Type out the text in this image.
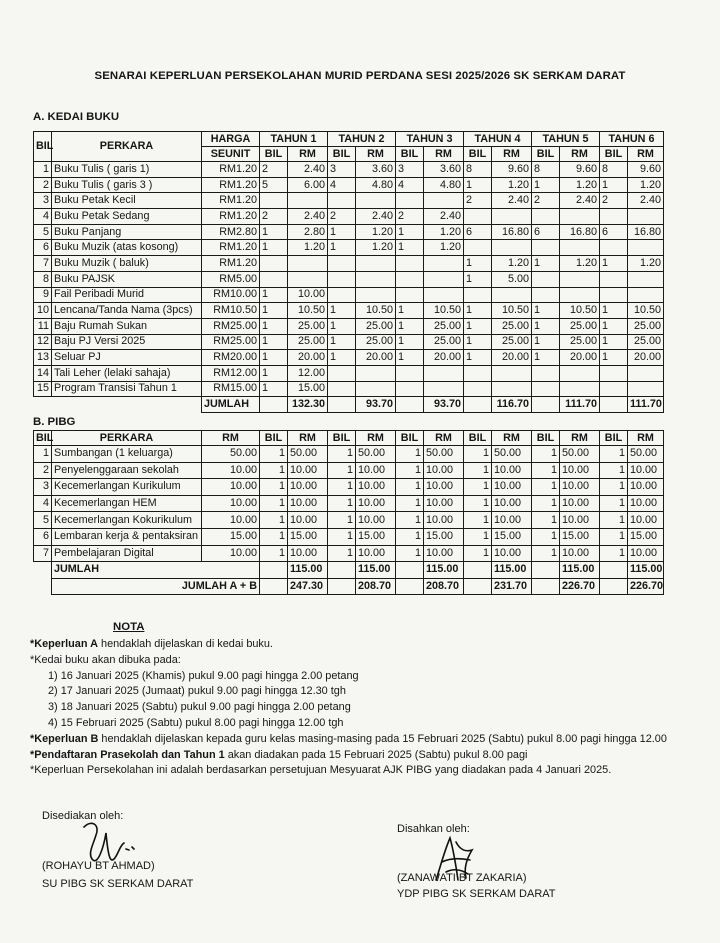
SENARAI KEPERLUAN PERSEKOLAHAN MURID PERDANA SESI 2025/2026 SK SERKAM DARAT
A. KEDAI BUKU
BIL	PERKARA	HARGA	TAHUN 1		TAHUN 2		TAHUN 3		TAHUN 4		TAHUN 5		TAHUN 6	
		SEUNIT	BIL	RM	BIL	RM	BIL	RM	BIL	RM	BIL	RM	BIL	RM
1	Buku Tulis ( garis 1)	RM1.20	2	2.40	3	3.60	3	3.60	8	9.60	8	9.60	8	9.60
2	Buku Tulis ( garis 3 )	RM1.20	5	6.00	4	4.80	4	4.80	1	1.20	1	1.20	1	1.20
3	Buku Petak Kecil	RM1.20							2	2.40	2	2.40	2	2.40
4	Buku Petak Sedang	RM1.20	2	2.40	2	2.40	2	2.40						
5	Buku Panjang	RM2.80	1	2.80	1	1.20	1	1.20	6	16.80	6	16.80	6	16.80
6	Buku Muzik (atas kosong)	RM1.20	1	1.20	1	1.20	1	1.20						
7	Buku Muzik ( baluk)	RM1.20							1	1.20	1	1.20	1	1.20
8	Buku PAJSK	RM5.00							1	5.00				
9	Fail Peribadi Murid	RM10.00	1	10.00										
10	Lencana/Tanda Nama (3pcs)	RM10.50	1	10.50	1	10.50	1	10.50	1	10.50	1	10.50	1	10.50
11	Baju Rumah Sukan	RM25.00	1	25.00	1	25.00	1	25.00	1	25.00	1	25.00	1	25.00
12	Baju PJ Versi 2025	RM25.00	1	25.00	1	25.00	1	25.00	1	25.00	1	25.00	1	25.00
13	Seluar PJ	RM20.00	1	20.00	1	20.00	1	20.00	1	20.00	1	20.00	1	20.00
14	Tali Leher (lelaki sahaja)	RM12.00	1	12.00										
15	Program Transisi Tahun 1	RM15.00	1	15.00										
		JUMLAH		132.30		93.70		93.70		116.70		111.70		111.70
B. PIBG
BIL	PERKARA	RM	BIL	RM	BIL	RM	BIL	RM	BIL	RM	BIL	RM	BIL	RM
1	Sumbangan (1 keluarga)	50.00	1	50.00	1	50.00	1	50.00	1	50.00	1	50.00	1	50.00
2	Penyelenggaraan sekolah	10.00	1	10.00	1	10.00	1	10.00	1	10.00	1	10.00	1	10.00
3	Kecemerlangan Kurikulum	10.00	1	10.00	1	10.00	1	10.00	1	10.00	1	10.00	1	10.00
4	Kecemerlangan HEM	10.00	1	10.00	1	10.00	1	10.00	1	10.00	1	10.00	1	10.00
5	Kecemerlangan Kokurikulum	10.00	1	10.00	1	10.00	1	10.00	1	10.00	1	10.00	1	10.00
6	Lembaran kerja & pentaksiran	15.00	1	15.00	1	15.00	1	15.00	1	15.00	1	15.00	1	15.00
7	Pembelajaran Digital	10.00	1	10.00	1	10.00	1	10.00	1	10.00	1	10.00	1	10.00
	JUMLAH			115.00		115.00		115.00		115.00		115.00		115.00
	JUMLAH A + B			247.30		208.70		208.70		231.70		226.70		226.70
NOTA
*Keperluan A hendaklah dijelaskan di kedai buku.
*Kedai buku akan dibuka pada:
1) 16 Januari 2025 (Khamis) pukul 9.00 pagi hingga 2.00 petang
2) 17 Januari 2025 (Jumaat) pukul 9.00 pagi hingga 12.30 tgh
3) 18 Januari 2025 (Sabtu) pukul 9.00 pagi hingga 2.00 petang
4) 15 Februari 2025 (Sabtu) pukul 8.00 pagi hingga 12.00 tgh
*Keperluan B hendaklah dijelaskan kepada guru kelas masing-masing pada 15 Februari 2025 (Sabtu) pukul 8.00 pagi hingga 12.00
*Pendaftaran Prasekolah dan Tahun 1 akan diadakan pada 15 Februari 2025 (Sabtu) pukul 8.00 pagi
*Keperluan Persekolahan ini adalah berdasarkan persetujuan Mesyuarat AJK PIBG yang diadakan pada 4 Januari 2025.
Disediakan oleh:
(ROHAYU BT AHMAD)
SU PIBG SK SERKAM DARAT
Disahkan oleh:
(ZANAWATI BT ZAKARIA)
YDP PIBG SK SERKAM DARAT
